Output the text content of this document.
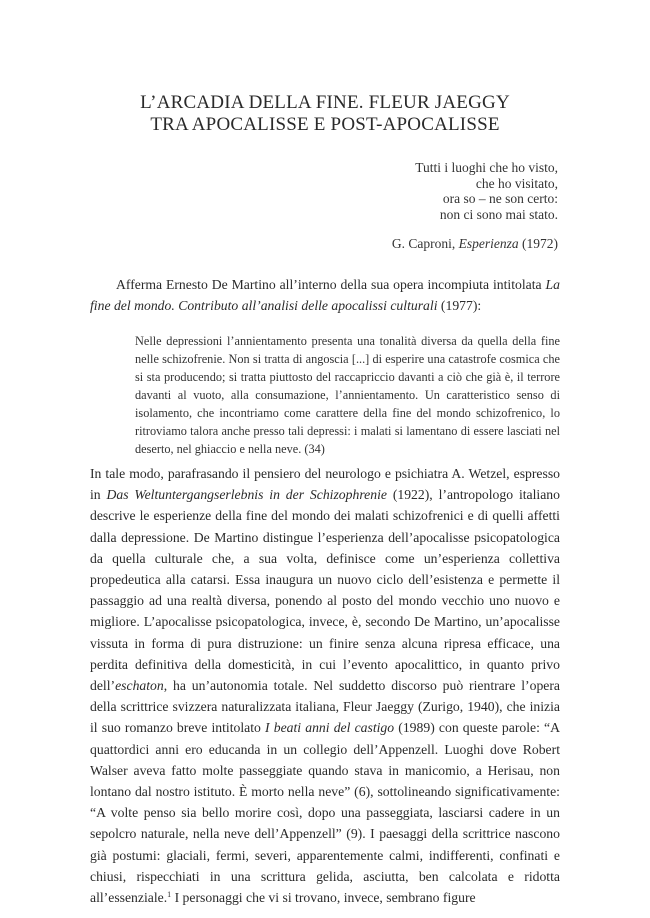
L’ARCADIA DELLA FINE. FLEUR JAEGGY
TRA APOCALISSE E POST-APOCALISSE
Tutti i luoghi che ho visto,
che ho visitato,
ora so – ne son certo:
non ci sono mai stato.
G. Caproni, Esperienza (1972)
Afferma Ernesto De Martino all’interno della sua opera incompiuta intitolata La fine del mondo. Contributo all’analisi delle apocalissi culturali (1977):
Nelle depressioni l’annientamento presenta una tonalità diversa da quella della fine nelle schizofrenie. Non si tratta di angoscia [...] di esperire una catastrofe cosmica che si sta producendo; si tratta piuttosto del raccapriccio davanti a ciò che già è, il terrore davanti al vuoto, alla consumazione, l’annientamento. Un caratteristico senso di isolamento, che incontriamo come carattere della fine del mondo schizofrenico, lo ritroviamo talora anche presso tali depressi: i malati si lamentano di essere lasciati nel deserto, nel ghiaccio e nella neve. (34)
In tale modo, parafrasando il pensiero del neurologo e psichiatra A. Wetzel, espresso in Das Weltuntergangserlebnis in der Schizophrenie (1922), l’antropologo italiano descrive le esperienze della fine del mondo dei malati schizofrenici e di quelli affetti dalla depressione. De Martino distingue l’esperienza dell’apocalisse psicopatologica da quella culturale che, a sua volta, definisce come un’esperienza collettiva propedeutica alla catarsi. Essa inaugura un nuovo ciclo dell’esistenza e permette il passaggio ad una realtà diversa, ponendo al posto del mondo vecchio uno nuovo e migliore. L’apocalisse psicopatologica, invece, è, secondo De Martino, un’apocalisse vissuta in forma di pura distruzione: un finire senza alcuna ripresa efficace, una perdita definitiva della domesticità, in cui l’evento apocalittico, in quanto privo dell’eschaton, ha un’autonomia totale. Nel suddetto discorso può rientrare l’opera della scrittrice svizzera naturalizzata italiana, Fleur Jaeggy (Zurigo, 1940), che inizia il suo romanzo breve intitolato I beati anni del castigo (1989) con queste parole: “A quattordici anni ero educanda in un collegio dell’Appenzell. Luoghi dove Robert Walser aveva fatto molte passeggiate quando stava in manicomio, a Herisau, non lontano dal nostro istituto. È morto nella neve” (6), sottolineando significativamente: “A volte penso sia bello morire così, dopo una passeggiata, lasciarsi cadere in un sepolcro naturale, nella neve dell’Appenzell” (9). I paesaggi della scrittrice nascono già postumi: glaciali, fermi, severi, apparentemente calmi, indifferenti, confinati e chiusi, rispecchiati in una scrittura gelida, asciutta, ben calcolata e ridotta all’essenziale.$^1$ I personaggi che vi si trovano, invece, sembrano figure
